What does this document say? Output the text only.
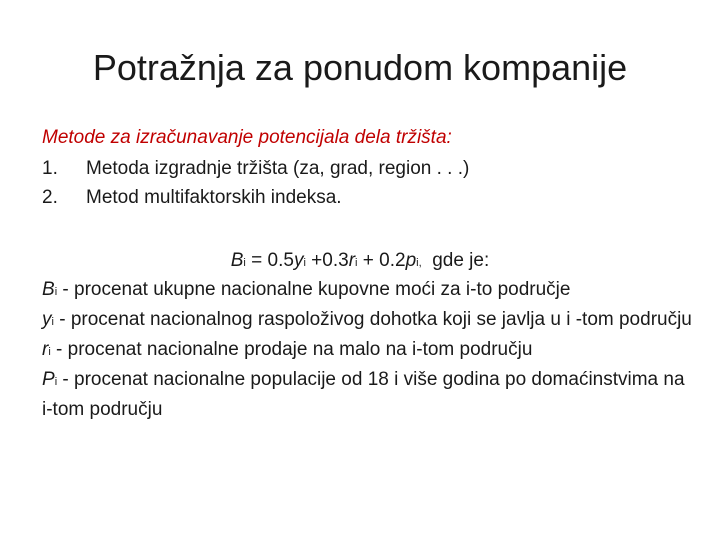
Potražnja za ponudom kompanije
Metode za izračunavanje potencijala dela tržišta:
1.	Metoda izgradnje tržišta (za, grad, region . . .)
2.	Metod multifaktorskih indeksa.
Bi = 0.5yi +0.3ri + 0.2pi,  gde je:

Bi - procenat ukupne nacionalne kupovne moći za i-to područje

yi - procenat nacionalnog raspoloživog dohotka koji se javlja u i -tom području

ri - procenat nacionalne prodaje na malo na i-tom području

Pi - procenat nacionalne populacije od 18 i više godina po domaćinstvima na i-tom području
